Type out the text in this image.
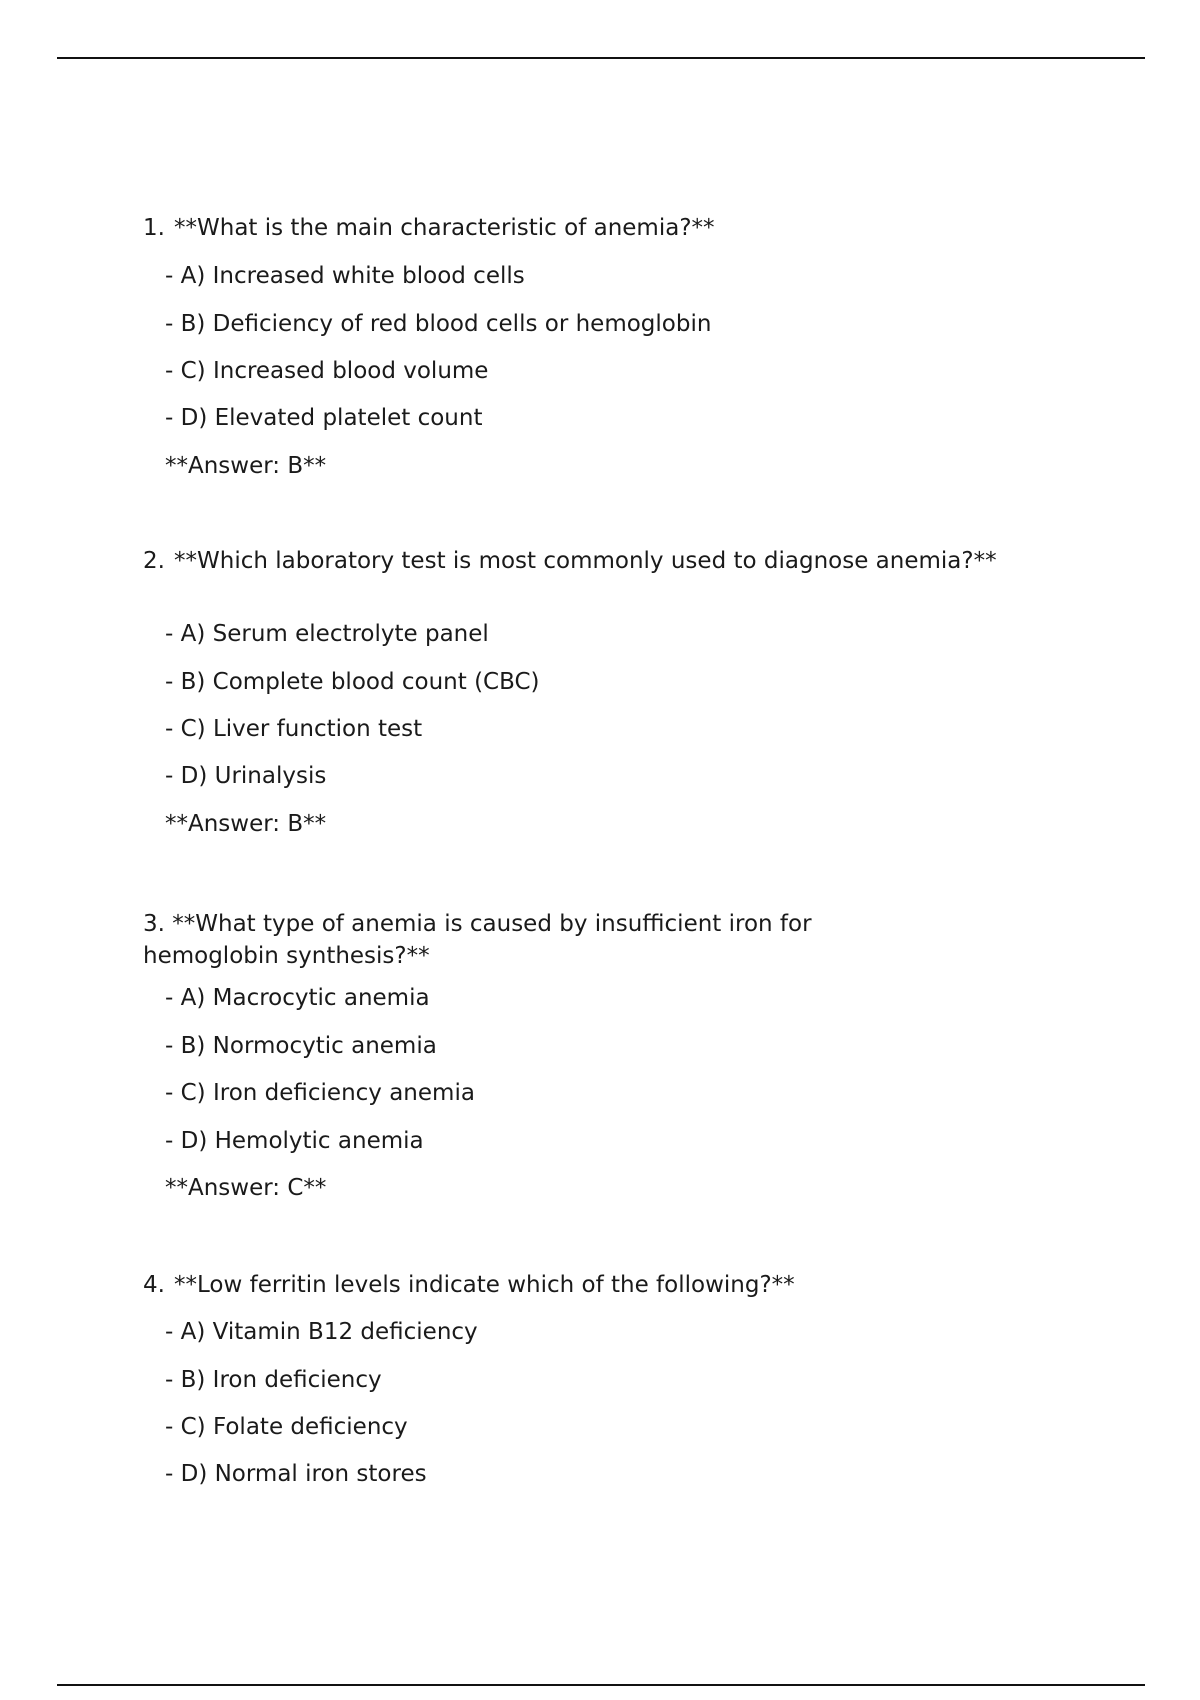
1. **What is the main characteristic of anemia?**
- A) Increased white blood cells
- B) Deficiency of red blood cells or hemoglobin
- C) Increased blood volume
- D) Elevated platelet count
**Answer: B**
2. **Which laboratory test is most commonly used to diagnose anemia?**
- A) Serum electrolyte panel
- B) Complete blood count (CBC)
- C) Liver function test
- D) Urinalysis
**Answer: B**
3. **What type of anemia is caused by insufficient iron for hemoglobin synthesis?**
- A) Macrocytic anemia
- B) Normocytic anemia
- C) Iron deficiency anemia
- D) Hemolytic anemia
**Answer: C**
4. **Low ferritin levels indicate which of the following?**
- A) Vitamin B12 deficiency
- B) Iron deficiency
- C) Folate deficiency
- D) Normal iron stores
